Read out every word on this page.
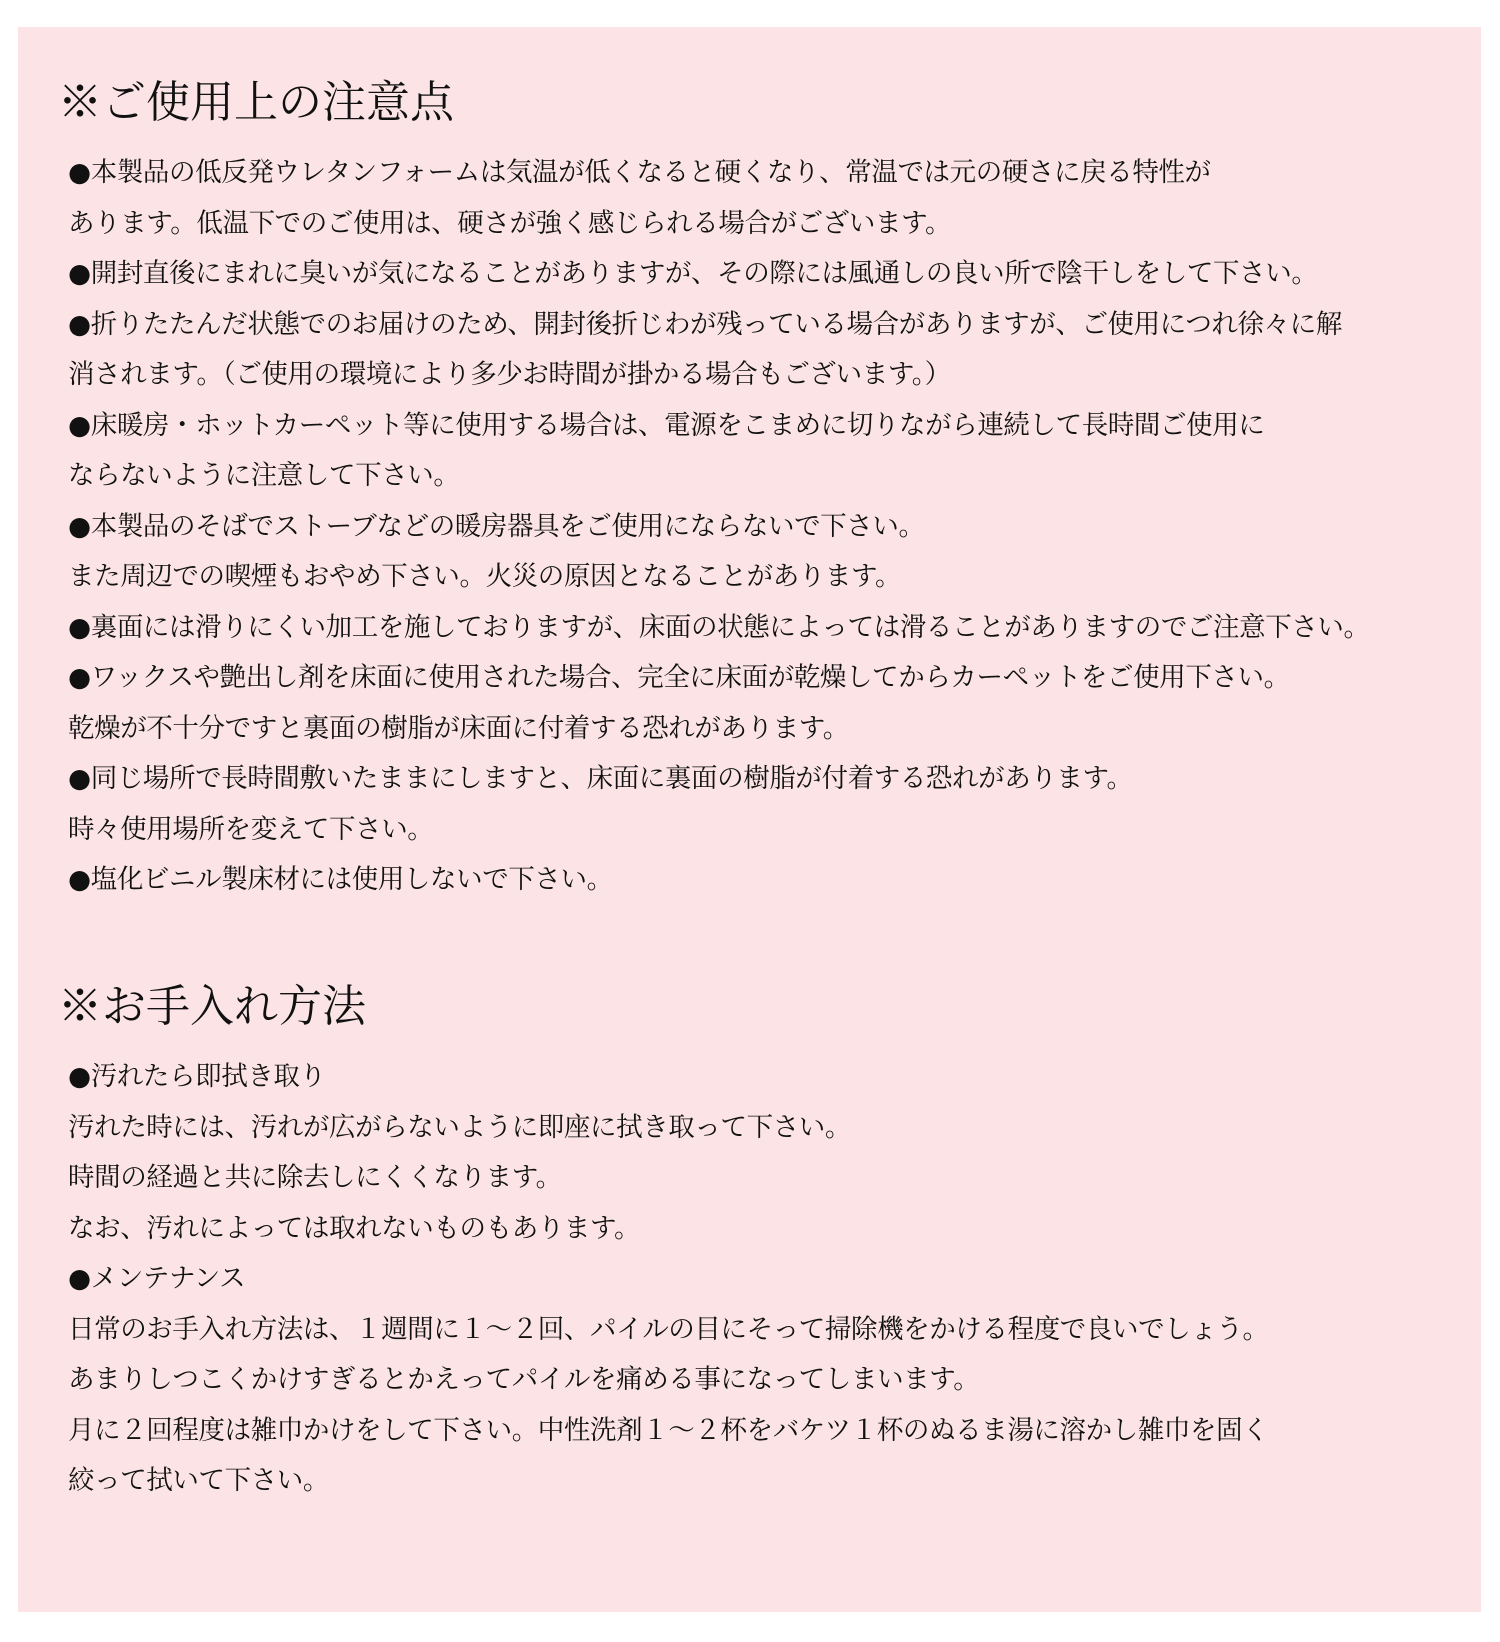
※ご使用上の注意点
●本製品の低反発ウレタンフォームは気温が低くなると硬くなり、常温では元の硬さに戻る特性が
あります。低温下でのご使用は、硬さが強く感じられる場合がございます。
●開封直後にまれに臭いが気になることがありますが、その際には風通しの良い所で陰干しをして下さい。
●折りたたんだ状態でのお届けのため、開封後折じわが残っている場合がありますが、ご使用につれ徐々に解
消されます。（ご使用の環境により多少お時間が掛かる場合もございます。）
●床暖房・ホットカーペット等に使用する場合は、電源をこまめに切りながら連続して長時間ご使用に
ならないように注意して下さい。
●本製品のそばでストーブなどの暖房器具をご使用にならないで下さい。
また周辺での喫煙もおやめ下さい。火災の原因となることがあります。
●裏面には滑りにくい加工を施しておりますが、床面の状態によっては滑ることがありますのでご注意下さい。
●ワックスや艶出し剤を床面に使用された場合、完全に床面が乾燥してからカーペットをご使用下さい。
乾燥が不十分ですと裏面の樹脂が床面に付着する恐れがあります。
●同じ場所で長時間敷いたままにしますと、床面に裏面の樹脂が付着する恐れがあります。
時々使用場所を変えて下さい。
●塩化ビニル製床材には使用しないで下さい。
※お手入れ方法
●汚れたら即拭き取り
汚れた時には、汚れが広がらないように即座に拭き取って下さい。
時間の経過と共に除去しにくくなります。
なお、汚れによっては取れないものもあります。
●メンテナンス
日常のお手入れ方法は、１週間に１～２回、パイルの目にそって掃除機をかける程度で良いでしょう。
あまりしつこくかけすぎるとかえってパイルを痛める事になってしまいます。
月に２回程度は雑巾かけをして下さい。中性洗剤１～２杯をバケツ１杯のぬるま湯に溶かし雑巾を固く
絞って拭いて下さい。
